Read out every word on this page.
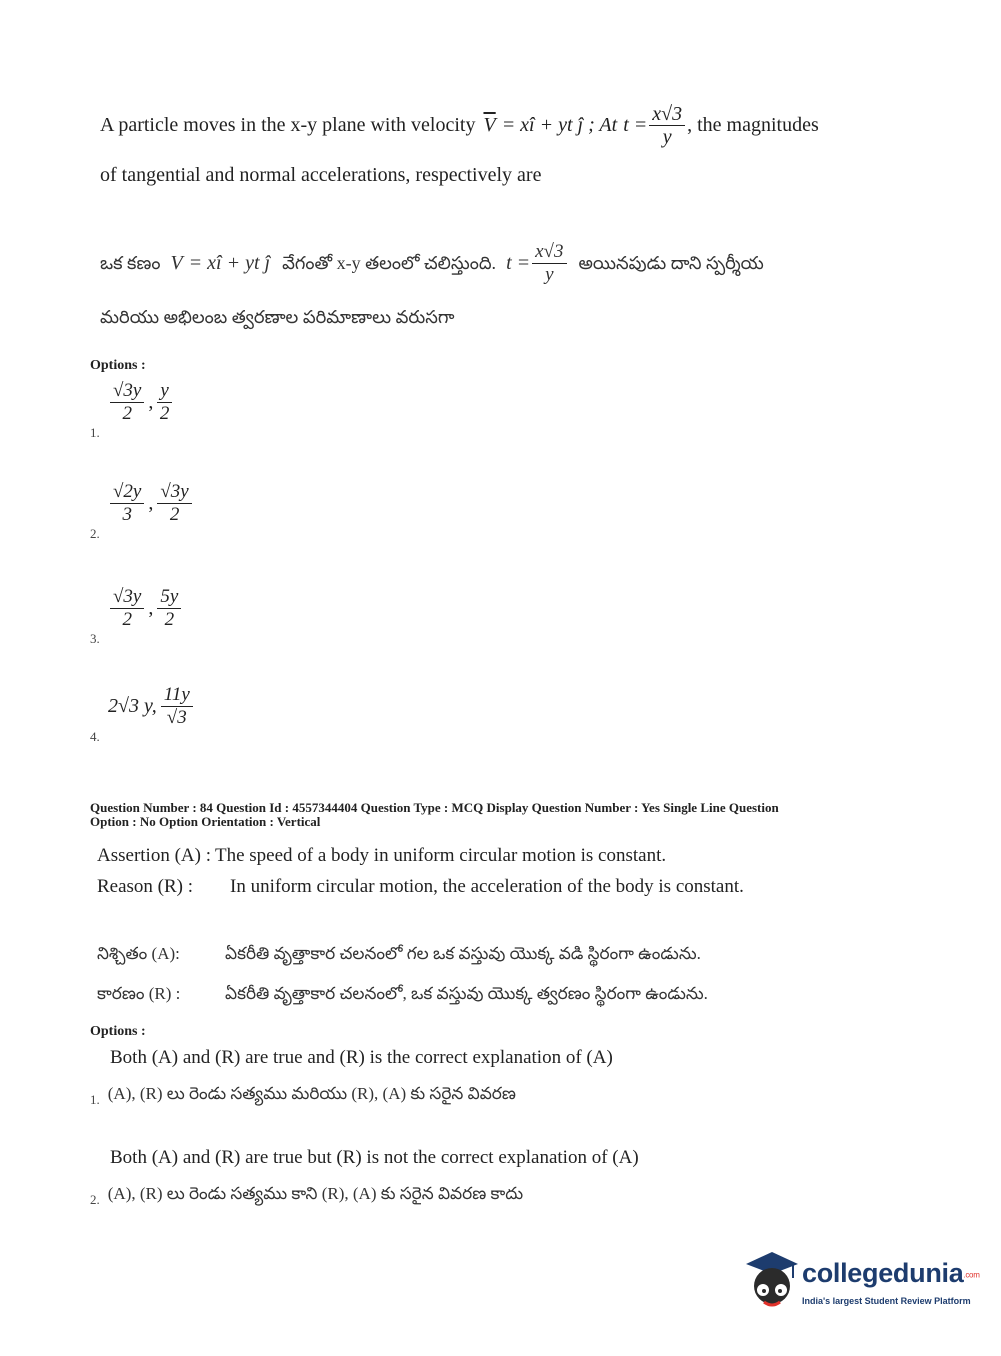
A particle moves in the x-y plane with velocity $\overline{V}$ = xî + yt ĵ ; At $t = \frac{x√3}{y}$ , the magnitudes
of tangential and normal accelerations, respectively are
ఒక కణం V = xî + yt ĵ వేగంతో x-y తలంలో చలిస్తుంది. $t = \frac{x√3}{y}$ అయినపుడు దాని స్పర్శీయ
మరియు అభిలంబ త్వరణాల పరిమాణాలు వరుసగా
Options :
$\frac{√3y}{2}$ , $\frac{y}{2}$
1.
$\frac{√2y}{3}$ , $\frac{√3y}{2}$
2.
$\frac{√3y}{2}$ , $\frac{5y}{2}$
3.
2√3 y, $\frac{11y}{√3}$
4.
Question Number : 84 Question Id : 4557344404 Question Type : MCQ Display Question Number : Yes Single Line Question
Option : No Option Orientation : Vertical
Assertion (A) : The speed of a body in uniform circular motion is constant.
Reason (R) :	In uniform circular motion, the acceleration of the body is constant.
నిశ్చితం (A):	ఏకరీతి వృత్తాకార చలనంలో గల ఒక వస్తువు యొక్క వడి స్థిరంగా ఉండును.
కారణం (R) :	ఏకరీతి వృత్తాకార చలనంలో, ఒక వస్తువు యొక్క త్వరణం స్థిరంగా ఉండును.
Options :
Both (A) and (R) are true and (R) is the correct explanation of (A)
1. (A), (R) లు రెండు సత్యము మరియు (R), (A) కు సరైన వివరణ
Both (A) and (R) are true but (R) is not the correct explanation of (A)
2. (A), (R) లు రెండు సత్యము కాని (R), (A) కు సరైన వివరణ కాదు
collegedunia.com
India's largest Student Review Platform
